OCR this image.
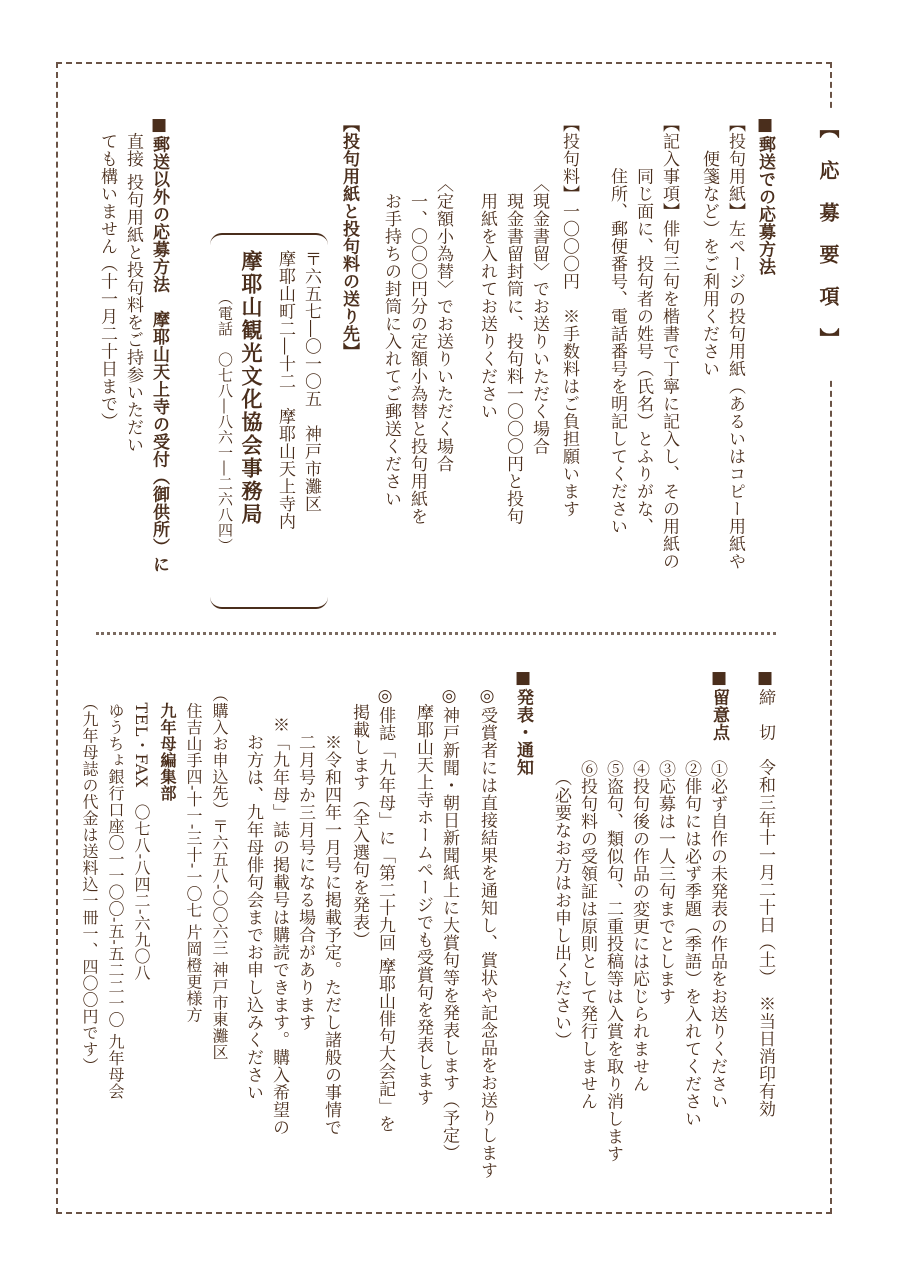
【応募要項】
■郵送での応募方法
【投句用紙】左ページの投句用紙（あるいはコピー用紙や
　　便箋など）をご利用ください
【記入事項】俳句三句を楷書で丁寧に記入し、その用紙の
　　　同じ面に、投句者の姓号（氏名）とふりがな、
　　　住所、郵便番号、電話番号を明記してください
【投句料】一〇〇〇円　※手数料はご負担願います
〈現金書留〉でお送りいただく場合
　現金書留封筒に、投句料一〇〇〇円と投句
　用紙を入れてお送りください
〈定額小為替〉でお送りいただく場合
　一、〇〇〇円分の定額小為替と投句用紙を
　お手持ちの封筒に入れてご郵送ください
【投句用紙と投句料の送り先】
〒六五七―〇一〇五　神戸市灘区
摩耶山町二―十二　摩耶山天上寺内
摩耶山観光文化協会事務局
（電話　〇七八―八六一―二六八四）
■郵送以外の応募方法　摩耶山天上寺の受付（御供所）に
　直接 投句用紙と投句料をご持参いただい
　ても構いません（十一月二十日まで）
■締　切　令和三年十一月二十日（土）　※当日消印有効
■留意点
①必ず自作の未発表の作品をお送りください
②俳句には必ず季題（季語）を入れてください
③応募は一人三句までとします
④投句後の作品の変更には応じられません
⑤盗句、類似句、二重投稿等は入賞を取り消します
⑥投句料の受領証は原則として発行しません
　（必要なお方はお申し出ください）
■発表・通知
◎受賞者には直接結果を通知し、賞状や記念品をお送りします
◎神戸新聞・朝日新聞紙上に大賞句等を発表します（予定）
　摩耶山天上寺ホームページでも受賞句を発表します
◎俳誌「九年母」に「第二十九回 摩耶山俳句大会記」を
　掲載します（全入選句を発表）
　※令和四年一月号に掲載予定。ただし諸般の事情で
　二月号か三月号になる場合があります
※「九年母」誌の掲載号は購読できます。購入希望の
　お方は、九年母俳句会までお申し込みください
（購入お申込先）〒六五八‐〇〇六三 神戸市東灘区
　住吉山手四‐十一‐三十‐一〇七 片岡橙更様方
　九年母編集部
　TEL・FAX　〇七八‐八四二‐六九〇八
　ゆうちょ銀行口座〇一一〇〇‐五‐五二二一〇 九年母会
　（九年母誌の代金は送料込一冊一、四〇〇円です）
